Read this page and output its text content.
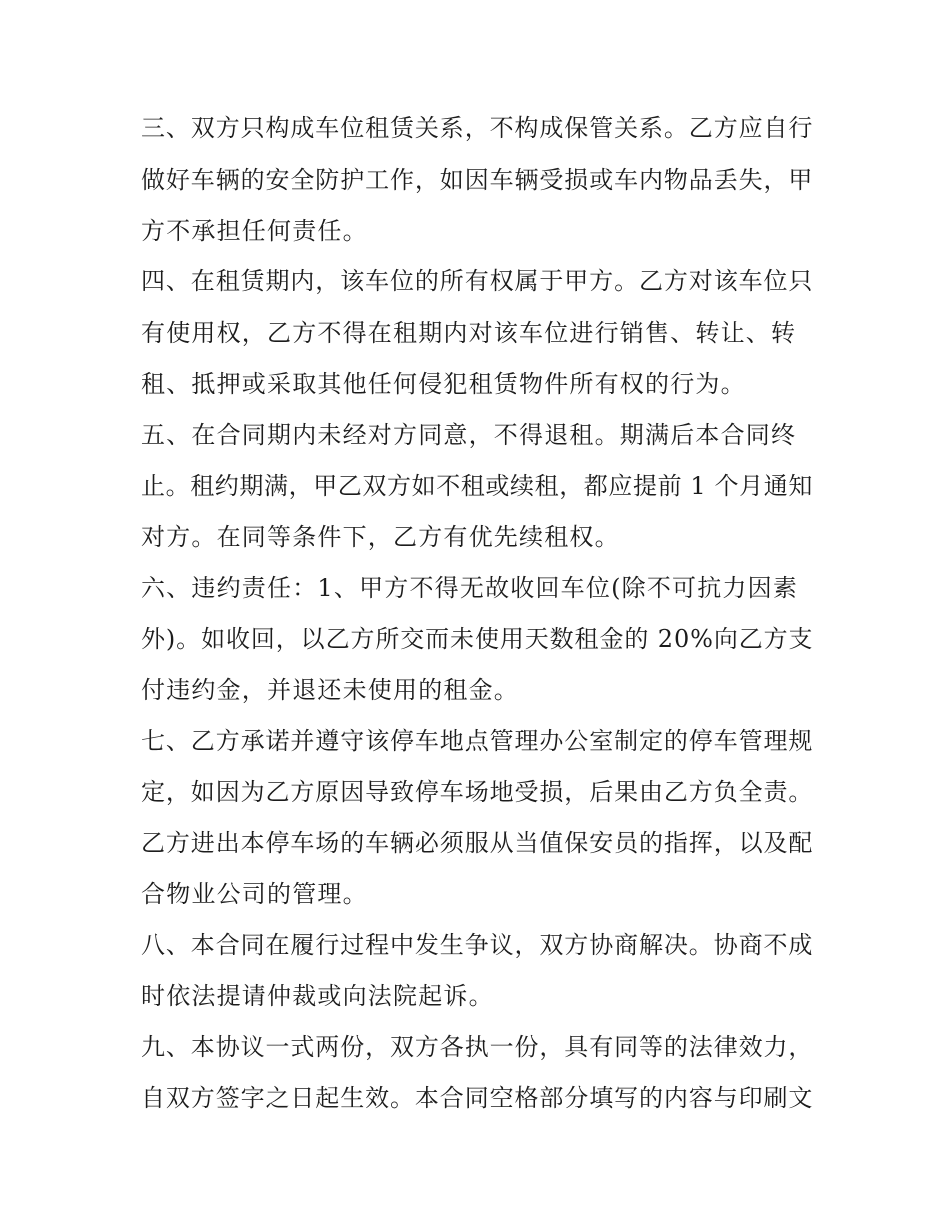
三、双方只构成车位租赁关系，不构成保管关系。乙方应自行
做好车辆的安全防护工作，如因车辆受损或车内物品丢失，甲
方不承担任何责任。
四、在租赁期内，该车位的所有权属于甲方。乙方对该车位只
有使用权，乙方不得在租期内对该车位进行销售、转让、转
租、抵押或采取其他任何侵犯租赁物件所有权的行为。
五、在合同期内未经对方同意，不得退租。期满后本合同终
止。租约期满，甲乙双方如不租或续租，都应提前 1 个月通知
对方。在同等条件下，乙方有优先续租权。
六、违约责任：1、甲方不得无故收回车位(除不可抗力因素
外)。如收回，以乙方所交而未使用天数租金的 20%向乙方支
付违约金，并退还未使用的租金。
七、乙方承诺并遵守该停车地点管理办公室制定的停车管理规
定，如因为乙方原因导致停车场地受损，后果由乙方负全责。
乙方进出本停车场的车辆必须服从当值保安员的指挥，以及配
合物业公司的管理。
八、本合同在履行过程中发生争议，双方协商解决。协商不成
时依法提请仲裁或向法院起诉。
九、本协议一式两份，双方各执一份，具有同等的法律效力，
自双方签字之日起生效。本合同空格部分填写的内容与印刷文
